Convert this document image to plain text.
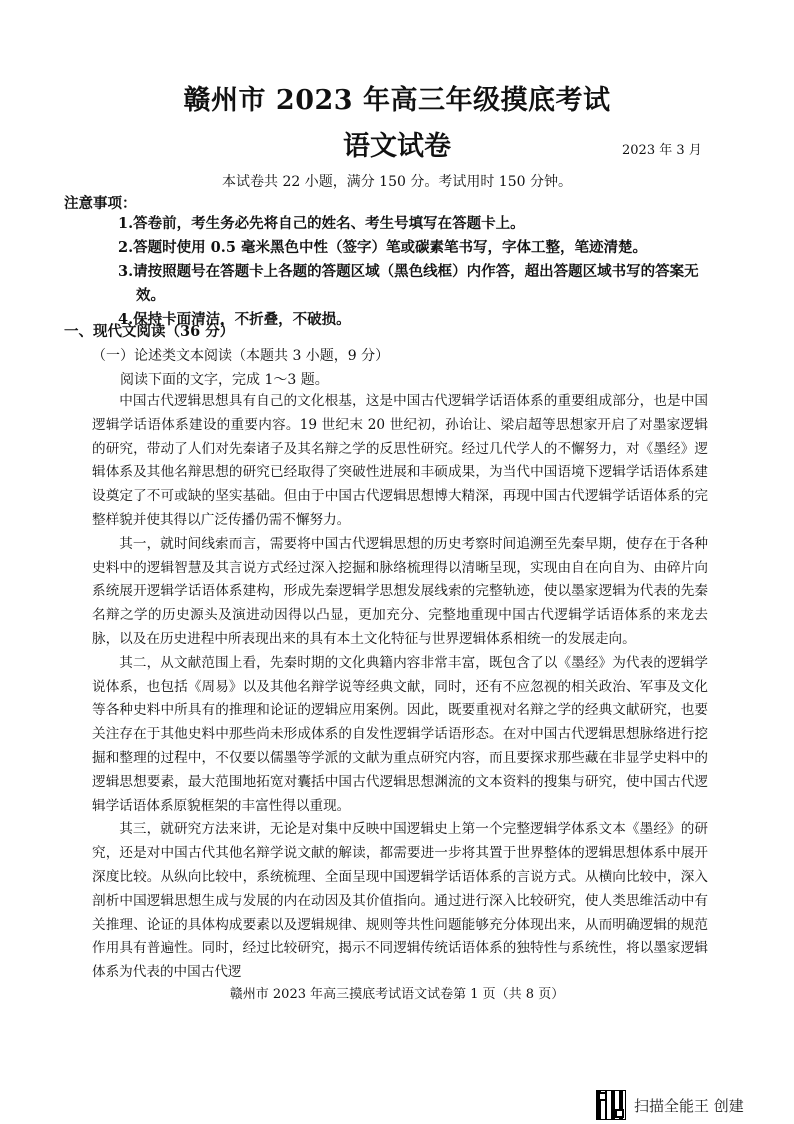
赣州市 2023 年高三年级摸底考试
语文试卷	2023 年 3 月
本试卷共 22 小题，满分 150 分。考试用时 150 分钟。
注意事项：
1.答卷前，考生务必先将自己的姓名、考生号填写在答题卡上。
2.答题时使用 0.5 毫米黑色中性（签字）笔或碳素笔书写，字体工整，笔迹清楚。
3.请按照题号在答题卡上各题的答题区域（黑色线框）内作答，超出答题区域书写的答案无效。
4.保持卡面清洁，不折叠，不破损。
一、现代文阅读（36 分）
（一）论述类文本阅读（本题共 3 小题，9 分）
阅读下面的文字，完成 1～3 题。

中国古代逻辑思想具有自己的文化根基，这是中国古代逻辑学话语体系的重要组成部分，也是中国逻辑学话语体系建设的重要内容。19 世纪末 20 世纪初，孙诒让、梁启超等思想家开启了对墨家逻辑的研究，带动了人们对先秦诸子及其名辩之学的反思性研究。经过几代学人的不懈努力，对《墨经》逻辑体系及其他名辩思想的研究已经取得了突破性进展和丰硕成果，为当代中国语境下逻辑学话语体系建设奠定了不可或缺的坚实基础。但由于中国古代逻辑思想博大精深，再现中国古代逻辑学话语体系的完整样貌并使其得以广泛传播仍需不懈努力。

其一，就时间线索而言，需要将中国古代逻辑思想的历史考察时间追溯至先秦早期，使存在于各种史料中的逻辑智慧及其言说方式经过深入挖掘和脉络梳理得以清晰呈现，实现由自在向自为、由碎片向系统展开逻辑学话语体系建构，形成先秦逻辑学思想发展线索的完整轨迹，使以墨家逻辑为代表的先秦名辩之学的历史源头及演进动因得以凸显，更加充分、完整地重现中国古代逻辑学话语体系的来龙去脉，以及在历史进程中所表现出来的具有本土文化特征与世界逻辑体系相统一的发展走向。

其二，从文献范围上看，先秦时期的文化典籍内容非常丰富，既包含了以《墨经》为代表的逻辑学说体系，也包括《周易》以及其他名辩学说等经典文献，同时，还有不应忽视的相关政治、军事及文化等各种史料中所具有的推理和论证的逻辑应用案例。因此，既要重视对名辩之学的经典文献研究，也要关注存在于其他史料中那些尚未形成体系的自发性逻辑学话语形态。在对中国古代逻辑思想脉络进行挖掘和整理的过程中，不仅要以儒墨等学派的文献为重点研究内容，而且要探求那些藏在非显学史料中的逻辑思想要素，最大范围地拓宽对囊括中国古代逻辑思想渊流的文本资料的搜集与研究，使中国古代逻辑学话语体系原貌框架的丰富性得以重现。

其三，就研究方法来讲，无论是对集中反映中国逻辑史上第一个完整逻辑学体系文本《墨经》的研究，还是对中国古代其他名辩学说文献的解读，都需要进一步将其置于世界整体的逻辑思想体系中展开深度比较。从纵向比较中，系统梳理、全面呈现中国逻辑学话语体系的言说方式。从横向比较中，深入剖析中国逻辑思想生成与发展的内在动因及其价值指向。通过进行深入比较研究，使人类思维活动中有关推理、论证的具体构成要素以及逻辑规律、规则等共性问题能够充分体现出来，从而明确逻辑的规范作用具有普遍性。同时，经过比较研究，揭示不同逻辑传统话语体系的独特性与系统性，将以墨家逻辑体系为代表的中国古代逻

赣州市 2023 年高三摸底考试语文试卷第 1 页（共 8 页）
扫描全能王 创建
